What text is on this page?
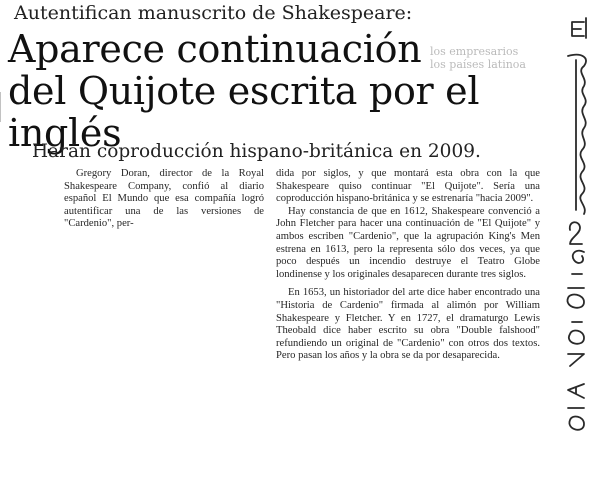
los empresarios
los países latinoa
Autentifican manuscrito de Shakespeare:
Aparece continuación del Quijote escrita por el inglés
Harán coproducción hispano-británica en 2009.

Gregory Doran, director de la Royal Shakespeare Company, confió al diario español El Mundo que esa compañía logró autentificar una de las versiones de "Cardenio", per-

dida por siglos, y que montará esta obra con la que Shakespeare quiso continuar "El Quijote". Sería una coproducción hispano-británica y se estrenaría "hacia 2009".

Hay constancia de que en 1612, Shakespeare convenció a John Fletcher para hacer una continuación de "El Quijote" y ambos escriben "Cardenio", que la agrupación King's Men estrena en 1613, pero la representa sólo dos veces, ya que poco después un incendio destruye el Teatro Globe londinense y los originales desaparecen durante tres siglos.

En 1653, un historiador del arte dice haber encontrado una "Historia de Cardenio" firmada al alimón por William Shakespeare y Fletcher. Y en 1727, el dramaturgo Lewis Theobald dice haber escrito su obra "Double falshood" refundiendo un original de "Cardenio" con otros dos textos. Pero pasan los años y la obra se da por desaparecida.
